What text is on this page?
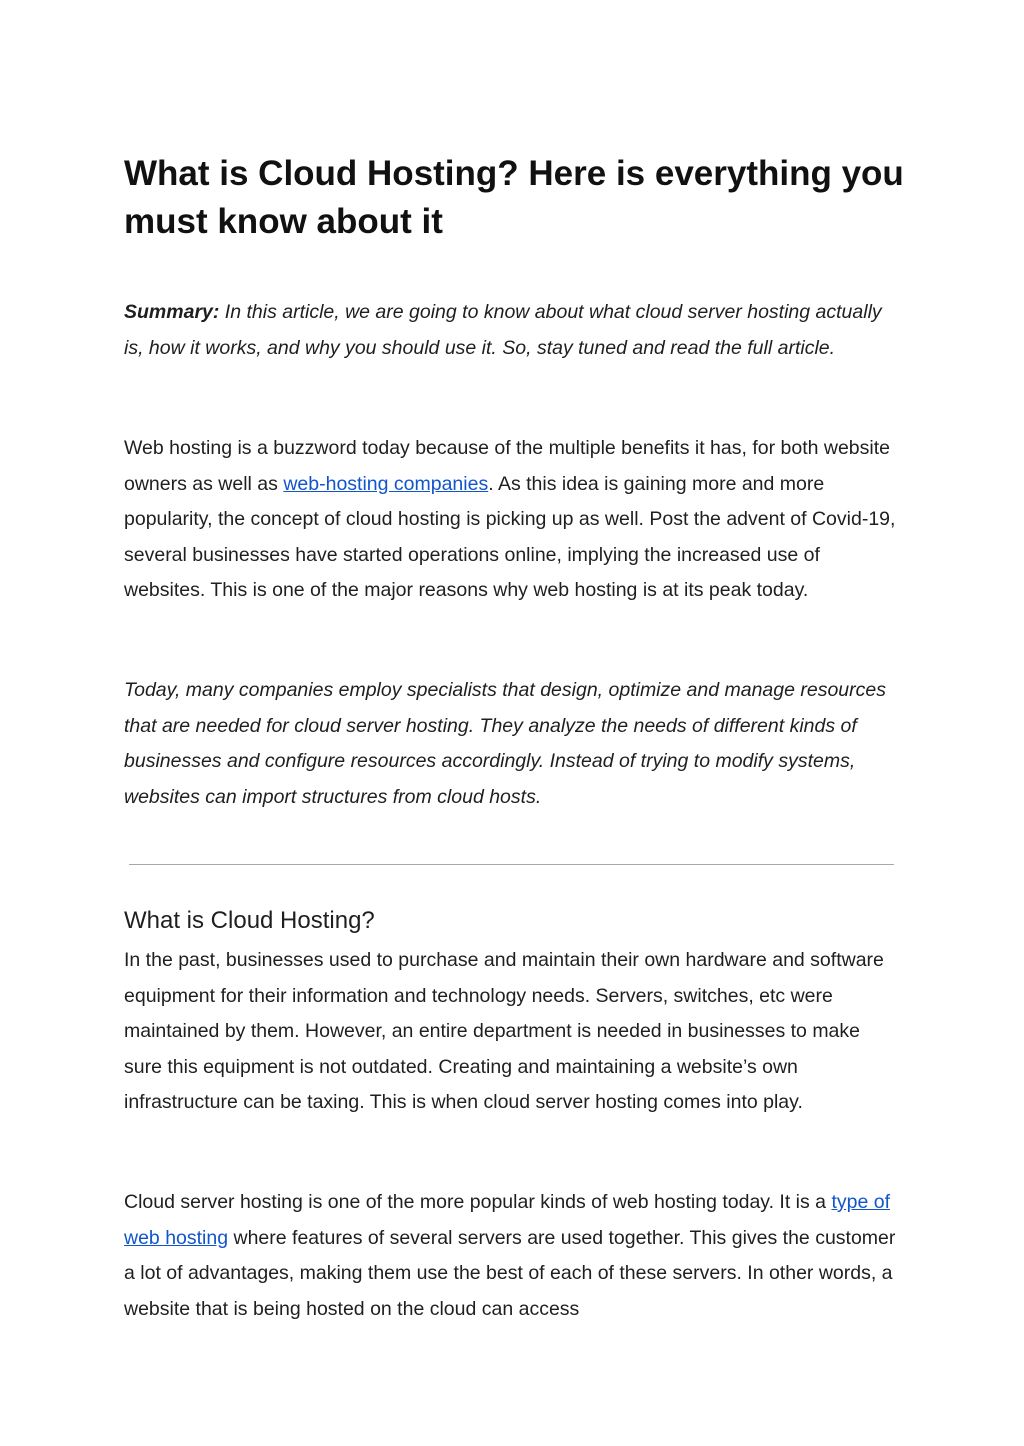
What is Cloud Hosting? Here is everything you must know about it

Summary: In this article, we are going to know about what cloud server hosting actually is, how it works, and why you should use it. So, stay tuned and read the full article.

Web hosting is a buzzword today because of the multiple benefits it has, for both website owners as well as web-hosting companies. As this idea is gaining more and more popularity, the concept of cloud hosting is picking up as well. Post the advent of Covid-19, several businesses have started operations online, implying the increased use of websites. This is one of the major reasons why web hosting is at its peak today.

Today, many companies employ specialists that design, optimize and manage resources that are needed for cloud server hosting. They analyze the needs of different kinds of businesses and configure resources accordingly. Instead of trying to modify systems, websites can import structures from cloud hosts.

What is Cloud Hosting?

In the past, businesses used to purchase and maintain their own hardware and software equipment for their information and technology needs. Servers, switches, etc were maintained by them. However, an entire department is needed in businesses to make sure this equipment is not outdated. Creating and maintaining a website’s own infrastructure can be taxing. This is when cloud server hosting comes into play.

Cloud server hosting is one of the more popular kinds of web hosting today. It is a type of web hosting where features of several servers are used together. This gives the customer a lot of advantages, making them use the best of each of these servers. In other words, a website that is being hosted on the cloud can access
